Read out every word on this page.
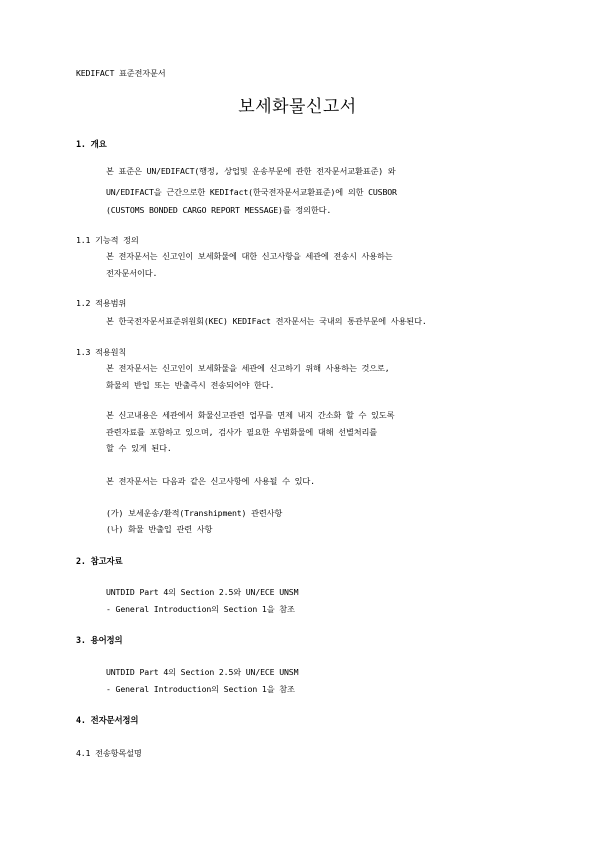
KEDIFACT 표준전자문서
보세화물신고서
1. 개요
본 표준은 UN/EDIFACT(행정, 상업및 운송부문에 관한 전자문서교환표준) 와
UN/EDIFACT을 근간으로한 KEDIfact(한국전자문서교환표준)에 의한 CUSBOR
(CUSTOMS BONDED CARGO REPORT MESSAGE)를 정의한다.
1.1 기능적 정의
본 전자문서는 신고인이 보세화물에 대한 신고사항을 세관에 전송시 사용하는
전자문서이다.
1.2 적용범위
본 한국전자문서표준위원회(KEC) KEDIFact 전자문서는 국내의 통관부문에 사용된다.
1.3 적용원칙
본 전자문서는 신고인이 보세화물을 세관에 신고하기 위해 사용하는 것으로,
화물의 반입 또는 반출즉시 전송되어야 한다.
본 신고내용은 세관에서 화물신고관련 업무를 면제 내지 간소화 할 수 있도록
관련자료를 포함하고 있으며, 검사가 필요한 우범화물에 대해 선별처리를
할 수 있게 된다.
본 전자문서는 다음과 같은 신고사항에 사용될 수 있다.
(가) 보세운송/환적(Transhipment) 관련사항
(나) 화물 반출입 관련 사항
2. 참고자료
UNTDID Part 4의 Section 2.5와 UN/ECE UNSM
- General Introduction의 Section 1을 참조
3. 용어정의
UNTDID Part 4의 Section 2.5와 UN/ECE UNSM
- General Introduction의 Section 1을 참조
4. 전자문서정의
4.1 전송항목설명
